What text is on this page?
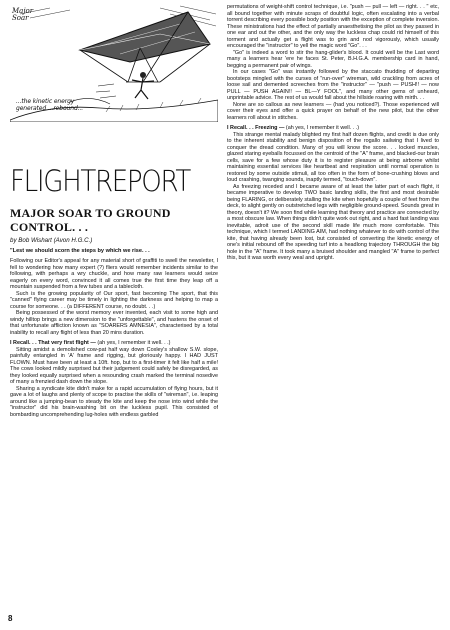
Major Soar
...the kinetic energy generated ...rebound...
FLIGHTREPORT
MAJOR SOAR TO GROUND CONTROL. . .
by Bob Wishart (Avon H.G.C.)
"Lest we should scorn the steps by which we rise. . .

Following our Editor's appeal for any material short of graffiti to swell the newsletter, I fell to wondering how many expert (?) fliers would remember incidents similar to the following, with perhaps a wry chuckle, and how many raw learners would seize eagerly on every word, convinced it all comes true the first time they leap off a mountain suspended from a few tubes and a tablecloth.

Such is the growing popularity of Our sport, fast becoming The sport, that this "canned" flying career may be timely in lighting the darkness and helping to map a course for someone. . . (a DIFFERENT course, no doubt. . .)

Being possessed of the worst memory ever invented, each visit to some high and windy hilltop brings a new dimension to the "unforgettable", and hastens the onset of that unfortunate affliction known as "SOARERS AMNESIA", characterised by a total inability to recall any flight of less than 20 mins duration.

I Recall. . . That very first flight — (ah yes, I remember it well. . .)

Sitting amidst a demolished cow-pat half way down Coxley's shallow S.W. slope, painfully entangled in 'A' frame and rigging, but gloriously happy. I HAD JUST FLOWN. Must have been at least a 10ft. hop, but to a first-timer it felt like half a mile! The cows looked mildly surprised but their judgement could safely be disregarded, as they looked equally surprised when a resounding crash marked the terminal nosedive of many a frenzied dash down the slope.

Sharing a syndicate kite didn't make for a rapid accumulation of flying hours, but it gave a lot of laughs and plenty of scope to practise the skills of "wireman", i.e. leaping around like a jumping-bean to steady the kite and keep the nose into wind while the "instructor" did his brain-washing bit on the luckless pupil. This consisted of bombarding uncomprehending lug-holes with endless garbled

permutations of weight-shift control technique, i.e. "push — pull — left — right. . . " etc, all bound together with minute scraps of doubtful logic, often escalating into a verbal torrent describing every possible body position with the exception of complete inversion. These ministrations had the effect of partially anaesthetising the pilot as they passed in one ear and out the other, and the only way the luckless chap could rid himself of this torment and actually get a flight was to grin and nod vigorously, which usually encouraged the "instructor" to yell the magic word "Go". . .

"Go" is indeed a word to stir the hang-glider's blood. It could well be the Last word many a learners hear 'ere he faces St. Peter, B.H.G.A. membership card in hand, begging a permanent pair of wings.

In our cases "Go" was instantly followed by the staccato thudding of departing bootsteps mingled with the curses of "run-over" wireman, wild crackling from acres of loose sail and demented screeches from the "instructor" — "push — PUSH!! — now PULL — PUSH AGAIN!! — BL—Y FOOL", and many other gems of unheard, unprintable advice. The rest of us would fall about the hillside roaring with mirth. . .

None are so callous as new learners — (had you noticed?). Those experienced will cover their eyes and offer a quick prayer on behalf of the new pilot, but the other learners roll about in stitches.

I Recall. . . Freezing — (ah yes, I remember it well. . .)

This strange mental malady blighted my first half dozen flights, and credit is due only to the inherent stability and benign disposition of the rogallo sailwing that I lived to conquer the dread condition. Many of you will know the score. . . locked muscles, glazed staring eyeballs focussed on the centroid of the "A" frame, and blacked-our brain cells, save for a few whose duty it is to register pleasure at being airborne whilst maintaining essential services like heartbeat and respiration until normal operation is restored by some outside stimuli, all too often in the form of bone-crushing blows and loud crashing, twanging sounds, inaptly termed, "touch-down".

As freezing receded and I became aware of at least the latter part of each flight, it became imperative to develop TWO basic landing skills, the first and most desirable being FLARING, or deliberately stalling the kite when hopefully a couple of feet from the deck, to alight gently on outstretched legs with negligible ground-speed. Sounds great in theory, doesn't it? We soon find while learning that theory and practice are connected by a most obscure law. When things didn't quite work out right, and a hard fast landing was inevitable, adroit use of the second skill made life much more comfortable. This technique, which I termed LANDING AIM, had nothing whatever to do with control of the kite, that having already been lost, but consisted of converting the kinetic energy of one's initial rebound off the speeding turf into a headlong trajectory THROUGH the big hole in the "A" frame. It took many a bruised shoulder and mangled "A" frame to perfect this, but it was worth every weal and upright.

8
